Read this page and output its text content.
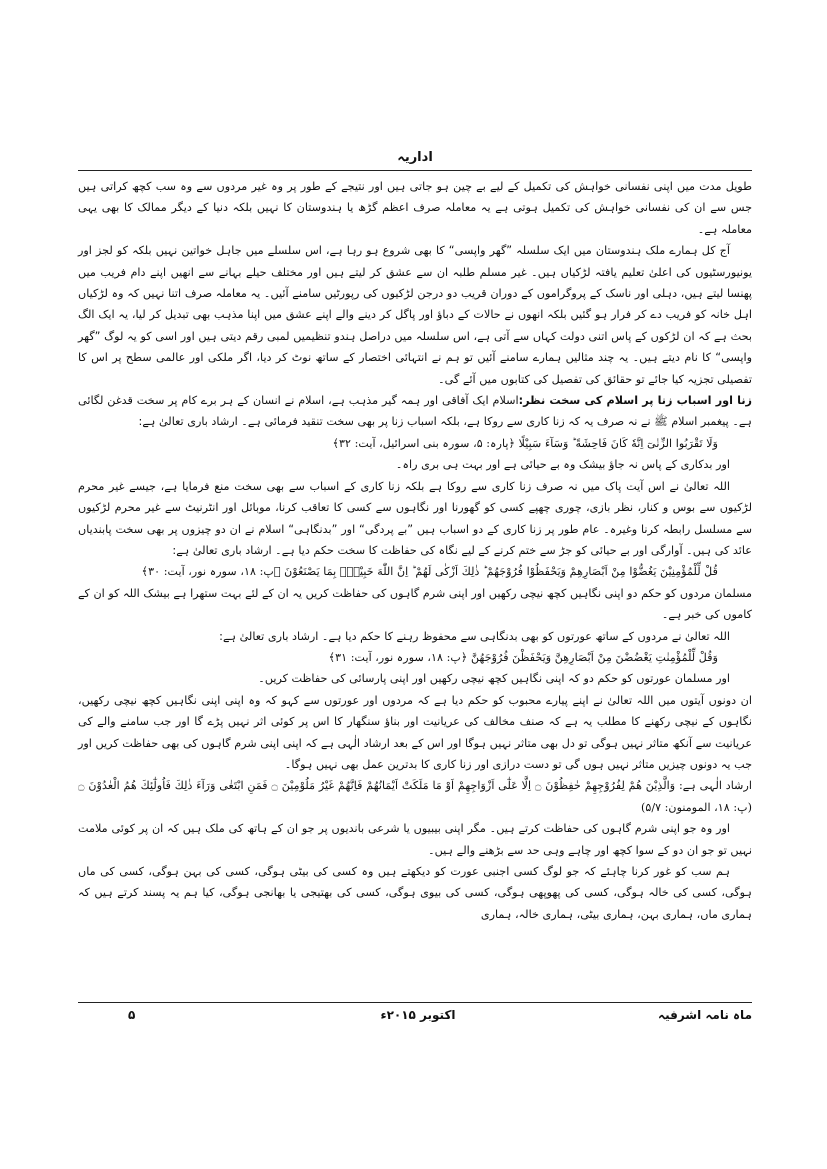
اداریہ

طویل مدت میں اپنی نفسانی خواہش کی تکمیل کے لیے بے چین ہو جاتی ہیں اور نتیجے کے طور پر وہ غیر مردوں سے وہ سب کچھ کراتی ہیں جس سے ان کی نفسانی خواہش کی تکمیل ہوتی ہے یہ معاملہ صرف اعظم گڑھ یا ہندوستان کا نہیں بلکہ دنیا کے دیگر ممالک کا بھی یہی معاملہ ہے۔

آج کل ہمارے ملک ہندوستان میں ایک سلسلہ ”گھر واپسی“ کا بھی شروع ہو رہا ہے، اس سلسلے میں جاہل خواتین نہیں بلکہ کو لجز اور یونیورسٹیوں کی اعلیٰ تعلیم یافتہ لڑکیاں ہیں۔ غیر مسلم طلبہ ان سے عشق کر لیتے ہیں اور مختلف حیلے بہانے سے انھیں اپنے دام فریب میں پھنسا لیتے ہیں، دہلی اور ناسک کے پروگراموں کے دوران قریب دو درجن لڑکیوں کی رپورٹیں سامنے آئیں۔ یہ معاملہ صرف اتنا نہیں کہ وہ لڑکیاں اہل خانہ کو فریب دے کر فرار ہو گئیں بلکہ انھوں نے حالات کے دباؤ اور پاگل کر دینے والے اپنے عشق میں اپنا مذہب بھی تبدیل کر لیا، یہ ایک الگ بحث ہے کہ ان لڑکوں کے پاس اتنی دولت کہاں سے آتی ہے، اس سلسلہ میں دراصل ہندو تنظیمیں لمبی رقم دیتی ہیں اور اسی کو یہ لوگ ”گھر واپسی“ کا نام دیتے ہیں۔ یہ چند مثالیں ہمارے سامنے آئیں تو ہم نے انتہائی اختصار کے ساتھ نوٹ کر دیا، اگر ملکی اور عالمی سطح پر اس کا تفصیلی تجزیہ کیا جائے تو حقائق کی تفصیل کی کتابوں میں آئے گی۔

زنا اور اسباب زنا پر اسلام کی سخت نظر:اسلام ایک آفاقی اور ہمہ گیر مذہب ہے، اسلام نے انسان کے ہر برے کام پر سخت قدغن لگائی ہے۔ پیغمبر اسلام ﷺ نے نہ صرف یہ کہ زنا کاری سے روکا ہے، بلکہ اسباب زنا پر بھی سخت تنقید فرمائی ہے۔ ارشاد باری تعالیٰ ہے:

وَلَا تَقْرَبُوا الزِّنٰىٓ اِنَّهٗ كَانَ فَاحِشَةً ؕ وَسَآءَ سَبِيْلًا ﴿پارہ: ۵، سورہ بنی اسرائیل، آیت: ۳۲﴾

اور بدکاری کے پاس نہ جاؤ بیشک وہ بے حیائی ہے اور بہت ہی بری راہ۔

اللہ تعالیٰ نے اس آیت پاک میں نہ صرف زنا کاری سے روکا ہے بلکہ زنا کاری کے اسباب سے بھی سخت منع فرمایا ہے، جیسے غیر محرم لڑکیوں سے بوس و کنار، نظر بازی، چوری چھپے کسی کو گھورنا اور نگاہوں سے کسی کا تعاقب کرنا، موبائل اور انٹرنیٹ سے غیر محرم لڑکیوں سے مسلسل رابطہ کرنا وغیرہ۔ عام طور پر زنا کاری کے دو اسباب ہیں ”بے پردگی“ اور ”بدنگاہی“ اسلام نے ان دو چیزوں پر بھی سخت پابندیاں عائد کی ہیں۔ آوارگی اور بے حیائی کو جڑ سے ختم کرنے کے لیے نگاہ کی حفاظت کا سخت حکم دیا ہے۔ ارشاد باری تعالیٰ ہے:

قُلْ لِّلْمُؤْمِنِيْنَ يَغُضُّوْا مِنْ اَبْصَارِهِمْ وَيَحْفَظُوْا فُرُوْجَهُمْ ؕ ذٰلِكَ اَزْكٰى لَهُمْ ؕ اِنَّ اللّٰهَ خَبِيْرٌۢ بِمَا يَصْنَعُوْنَ ﴿پ: ۱۸، سورہ نور، آیت: ۳۰﴾

مسلمان مردوں کو حکم دو اپنی نگاہیں کچھ نیچی رکھیں اور اپنی شرم گاہوں کی حفاظت کریں یہ ان کے لئے بہت ستھرا ہے بیشک اللہ کو ان کے کاموں کی خبر ہے۔

اللہ تعالیٰ نے مردوں کے ساتھ عورتوں کو بھی بدنگاہی سے محفوظ رہنے کا حکم دیا ہے۔ ارشاد باری تعالیٰ ہے:

وَقُلْ لِّلْمُؤْمِنٰتِ يَغْضُضْنَ مِنْ اَبْصَارِهِنَّ وَيَحْفَظْنَ فُرُوْجَهُنَّ ﴿پ: ۱۸، سورہ نور، آیت: ۳۱﴾

اور مسلمان عورتوں کو حکم دو کہ اپنی نگاہیں کچھ نیچی رکھیں اور اپنی پارسائی کی حفاظت کریں۔

ان دونوں آیتوں میں اللہ تعالیٰ نے اپنے پیارے محبوب کو حکم دیا ہے کہ مردوں اور عورتوں سے کہو کہ وہ اپنی اپنی نگاہیں کچھ نیچی رکھیں، نگاہوں کے نیچی رکھنے کا مطلب یہ ہے کہ صنف مخالف کی عریانیت اور بناؤ سنگھار کا اس پر کوئی اثر نہیں پڑے گا اور جب سامنے والے کی عریانیت سے آنکھ متاثر نہیں ہوگی تو دل بھی متاثر نہیں ہوگا اور اس کے بعد ارشاد الٰہی ہے کہ اپنی اپنی شرم گاہوں کی بھی حفاظت کریں اور جب یہ دونوں چیزیں متاثر نہیں ہوں گی تو دست درازی اور زنا کاری کا بدترین عمل بھی نہیں ہوگا۔

ارشاد الٰہی ہے: وَالَّذِيْنَ هُمْ لِفُرُوْجِهِمْ حٰفِظُوْنَ ۝ اِلَّا عَلٰٓى اَزْوَاجِهِمْ اَوْ مَا مَلَكَتْ اَيْمَانُهُمْ فَاِنَّهُمْ غَيْرُ مَلُوْمِيْنَ ۝ فَمَنِ ابْتَغٰى وَرَآءَ ذٰلِكَ فَاُولٰٓئِكَ هُمُ الْعٰدُوْنَ ۝ (پ: ۱۸، المومنون: ۵/۷)

اور وہ جو اپنی شرم گاہوں کی حفاظت کرتے ہیں۔ مگر اپنی بیبیوں یا شرعی باندیوں پر جو ان کے ہاتھ کی ملک ہیں کہ ان پر کوئی ملامت نہیں تو جو ان دو کے سوا کچھ اور چاہے وہی حد سے بڑھنے والے ہیں۔

ہم سب کو غور کرنا چاہئے کہ جو لوگ کسی اجنبی عورت کو دیکھتے ہیں وہ کسی کی بیٹی ہوگی، کسی کی بہن ہوگی، کسی کی ماں ہوگی، کسی کی خالہ ہوگی، کسی کی پھوپھی ہوگی، کسی کی بیوی ہوگی، کسی کی بھتیجی یا بھانجی ہوگی، کیا ہم یہ پسند کرتے ہیں کہ ہماری ماں، ہماری بہن، ہماری بیٹی، ہماری خالہ، ہماری

ماہ نامہ اشرفیہ
اکتوبر ۲۰۱۵ء
۵
